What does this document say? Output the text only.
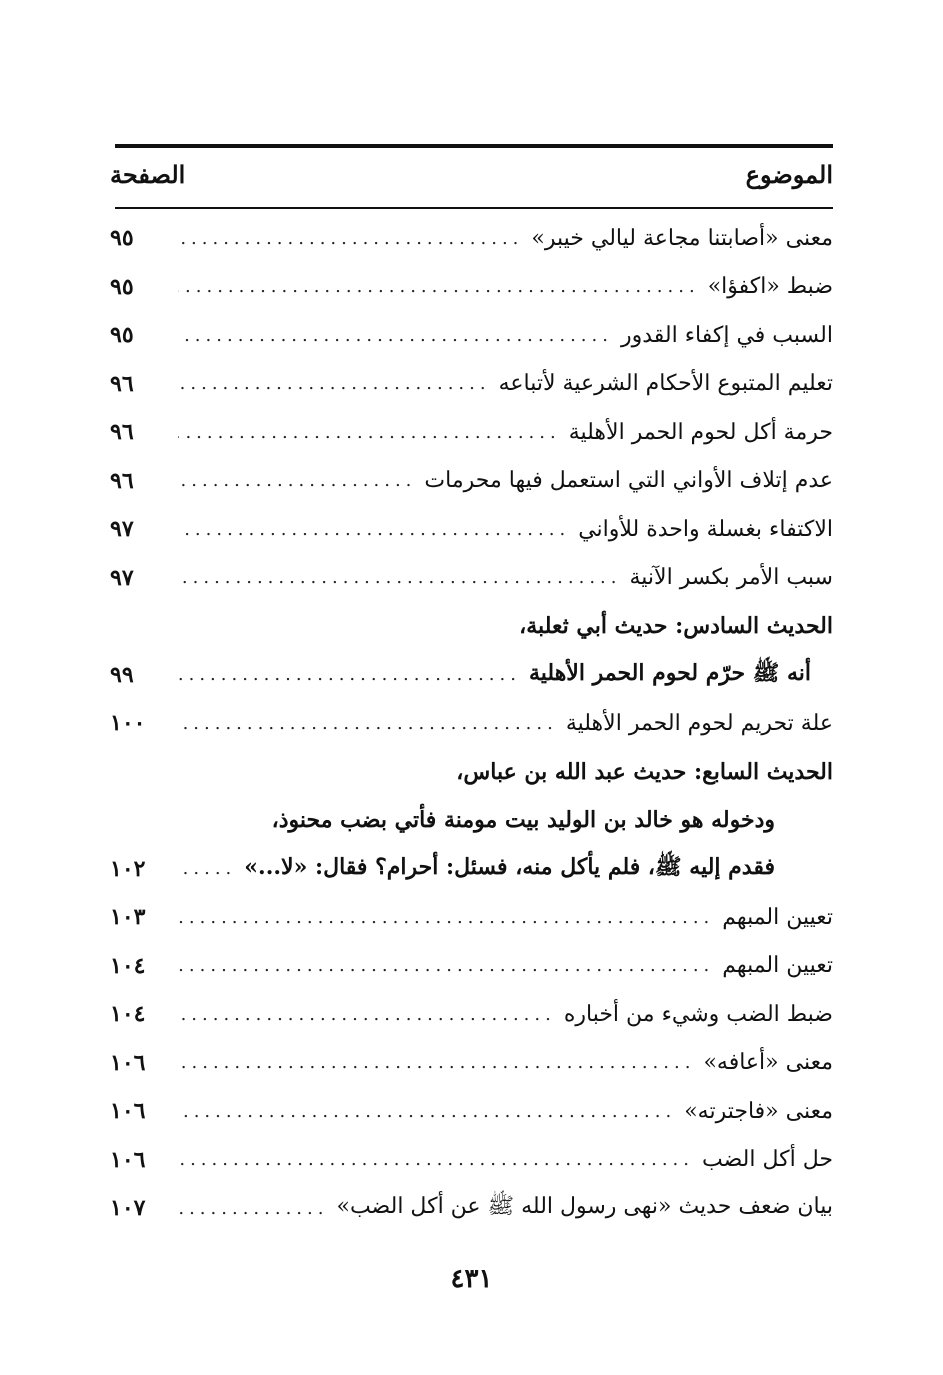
الموضوع
الصفحة
معنى «أصابتنا مجاعة ليالي خيبر»
.....
٩٥
ضبط «اكفؤا»
.....
٩٥
السبب في إكفاء القدور
.....
٩٥
تعليم المتبوع الأحكام الشرعية لأتباعه
.....
٩٦
حرمة أكل لحوم الحمر الأهلية
.....
٩٦
عدم إتلاف الأواني التي استعمل فيها محرمات
.....
٩٦
الاكتفاء بغسلة واحدة للأواني
.....
٩٧
سبب الأمر بكسر الآنية
.....
٩٧
الحديث السادس: حديث أبي ثعلبة،
أنه ﷺ حرّم لحوم الحمر الأهلية
.....
٩٩
علة تحريم لحوم الحمر الأهلية
.....
١٠٠
الحديث السابع: حديث عبد الله بن عباس،
ودخوله هو خالد بن الوليد بيت مومنة فأتي بضب محنوذ،
فقدم إليه ﷺ، فلم يأكل منه، فسئل: أحرام؟ فقال: «لا...»
.....
١٠٢
تعيين المبهم
.....
١٠٣
تعيين المبهم
.....
١٠٤
ضبط الضب وشيء من أخباره
.....
١٠٤
معنى «أعافه»
.....
١٠٦
معنى «فاجترته»
.....
١٠٦
حل أكل الضب
.....
١٠٦
بيان ضعف حديث «نهى رسول الله ﷺ عن أكل الضب»
.....
١٠٧
٤٣١
